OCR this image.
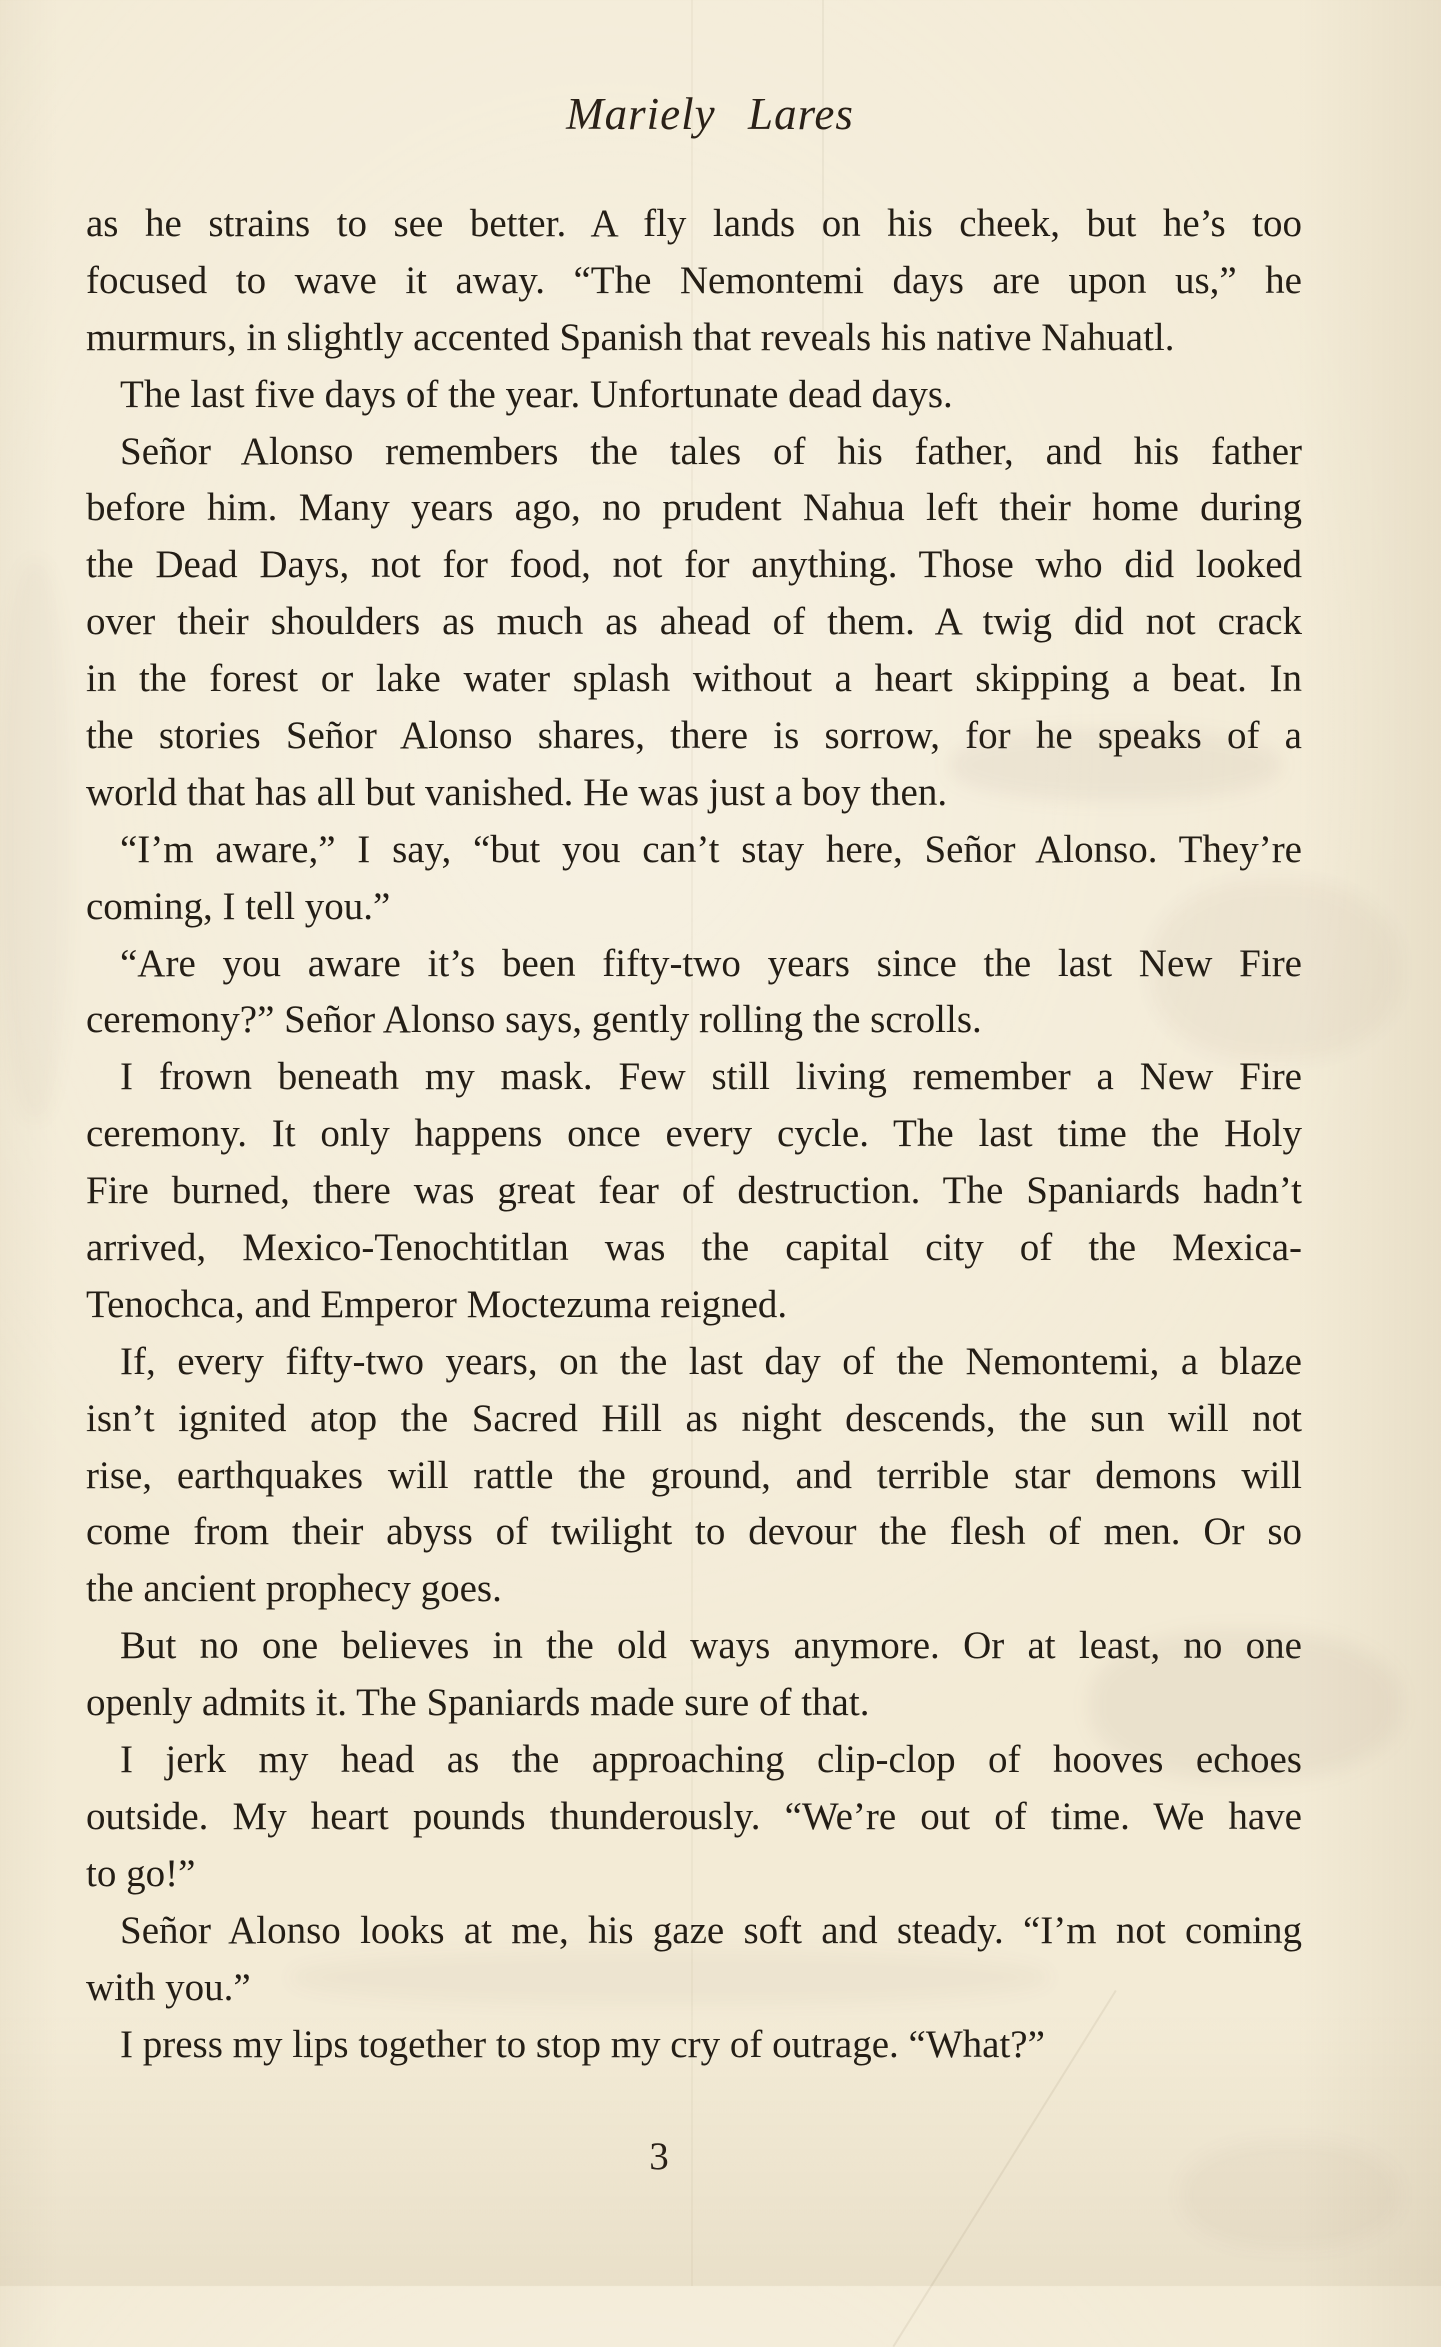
Mariely Lares
as he strains to see better. A fly lands on his cheek, but he’s too
focused to wave it away. “The Nemontemi days are upon us,” he
murmurs, in slightly accented Spanish that reveals his native Nahuatl.
The last five days of the year. Unfortunate dead days.
Señor Alonso remembers the tales of his father, and his father
before him. Many years ago, no prudent Nahua left their home during
the Dead Days, not for food, not for anything. Those who did looked
over their shoulders as much as ahead of them. A twig did not crack
in the forest or lake water splash without a heart skipping a beat. In
the stories Señor Alonso shares, there is sorrow, for he speaks of a
world that has all but vanished. He was just a boy then.
“I’m aware,” I say, “but you can’t stay here, Señor Alonso. They’re
coming, I tell you.”
“Are you aware it’s been fifty-two years since the last New Fire
ceremony?” Señor Alonso says, gently rolling the scrolls.
I frown beneath my mask. Few still living remember a New Fire
ceremony. It only happens once every cycle. The last time the Holy
Fire burned, there was great fear of destruction. The Spaniards hadn’t
arrived, Mexico-Tenochtitlan was the capital city of the Mexica-
Tenochca, and Emperor Moctezuma reigned.
If, every fifty-two years, on the last day of the Nemontemi, a blaze
isn’t ignited atop the Sacred Hill as night descends, the sun will not
rise, earthquakes will rattle the ground, and terrible star demons will
come from their abyss of twilight to devour the flesh of men. Or so
the ancient prophecy goes.
But no one believes in the old ways anymore. Or at least, no one
openly admits it. The Spaniards made sure of that.
I jerk my head as the approaching clip-clop of hooves echoes
outside. My heart pounds thunderously. “We’re out of time. We have
to go!”
Señor Alonso looks at me, his gaze soft and steady. “I’m not coming
with you.”
I press my lips together to stop my cry of outrage. “What?”
3
